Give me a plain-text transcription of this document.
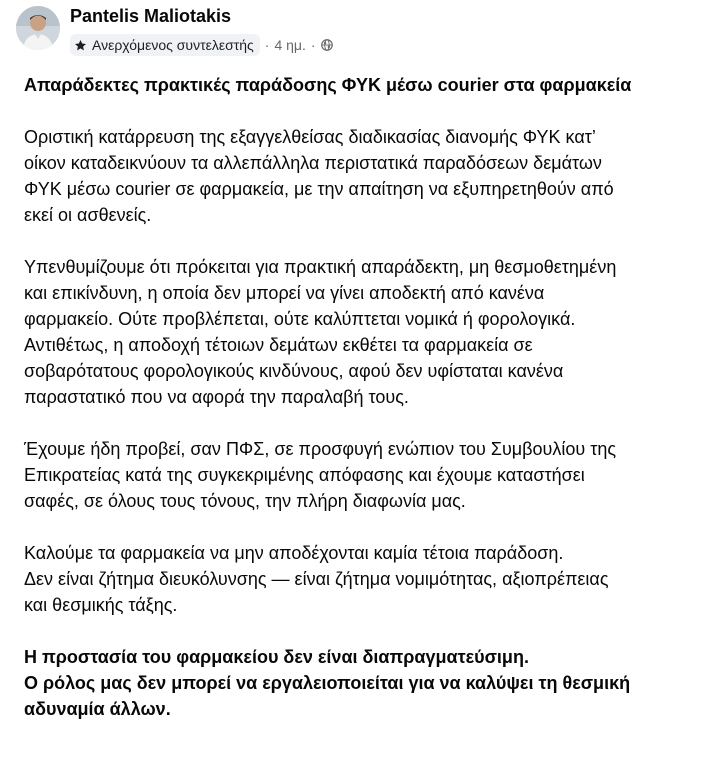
Pantelis Maliotakis
Ανερχόμενος συντελεστής · 4 ημ. ·

Απαράδεκτες πρακτικές παράδοσης ΦΥΚ μέσω courier στα φαρμακεία

Οριστική κατάρρευση της εξαγγελθείσας διαδικασίας διανομής ΦΥΚ κατ’

οίκον καταδεικνύουν τα αλλεπάλληλα περιστατικά παραδόσεων δεμάτων

ΦΥΚ μέσω courier σε φαρμακεία, με την απαίτηση να εξυπηρετηθούν από

εκεί οι ασθενείς.

Υπενθυμίζουμε ότι πρόκειται για πρακτική απαράδεκτη, μη θεσμοθετημένη

και επικίνδυνη, η οποία δεν μπορεί να γίνει αποδεκτή από κανένα

φαρμακείο. Ούτε προβλέπεται, ούτε καλύπτεται νομικά ή φορολογικά.

Αντιθέτως, η αποδοχή τέτοιων δεμάτων εκθέτει τα φαρμακεία σε

σοβαρότατους φορολογικούς κινδύνους, αφού δεν υφίσταται κανένα

παραστατικό που να αφορά την παραλαβή τους.

Έχουμε ήδη προβεί, σαν ΠΦΣ, σε προσφυγή ενώπιον του Συμβουλίου της

Επικρατείας κατά της συγκεκριμένης απόφασης και έχουμε καταστήσει

σαφές, σε όλους τους τόνους, την πλήρη διαφωνία μας.

Καλούμε τα φαρμακεία να μην αποδέχονται καμία τέτοια παράδοση.

Δεν είναι ζήτημα διευκόλυνσης — είναι ζήτημα νομιμότητας, αξιοπρέπειας

και θεσμικής τάξης.

Η προστασία του φαρμακείου δεν είναι διαπραγματεύσιμη.

Ο ρόλος μας δεν μπορεί να εργαλειοποιείται για να καλύψει τη θεσμική

αδυναμία άλλων.
